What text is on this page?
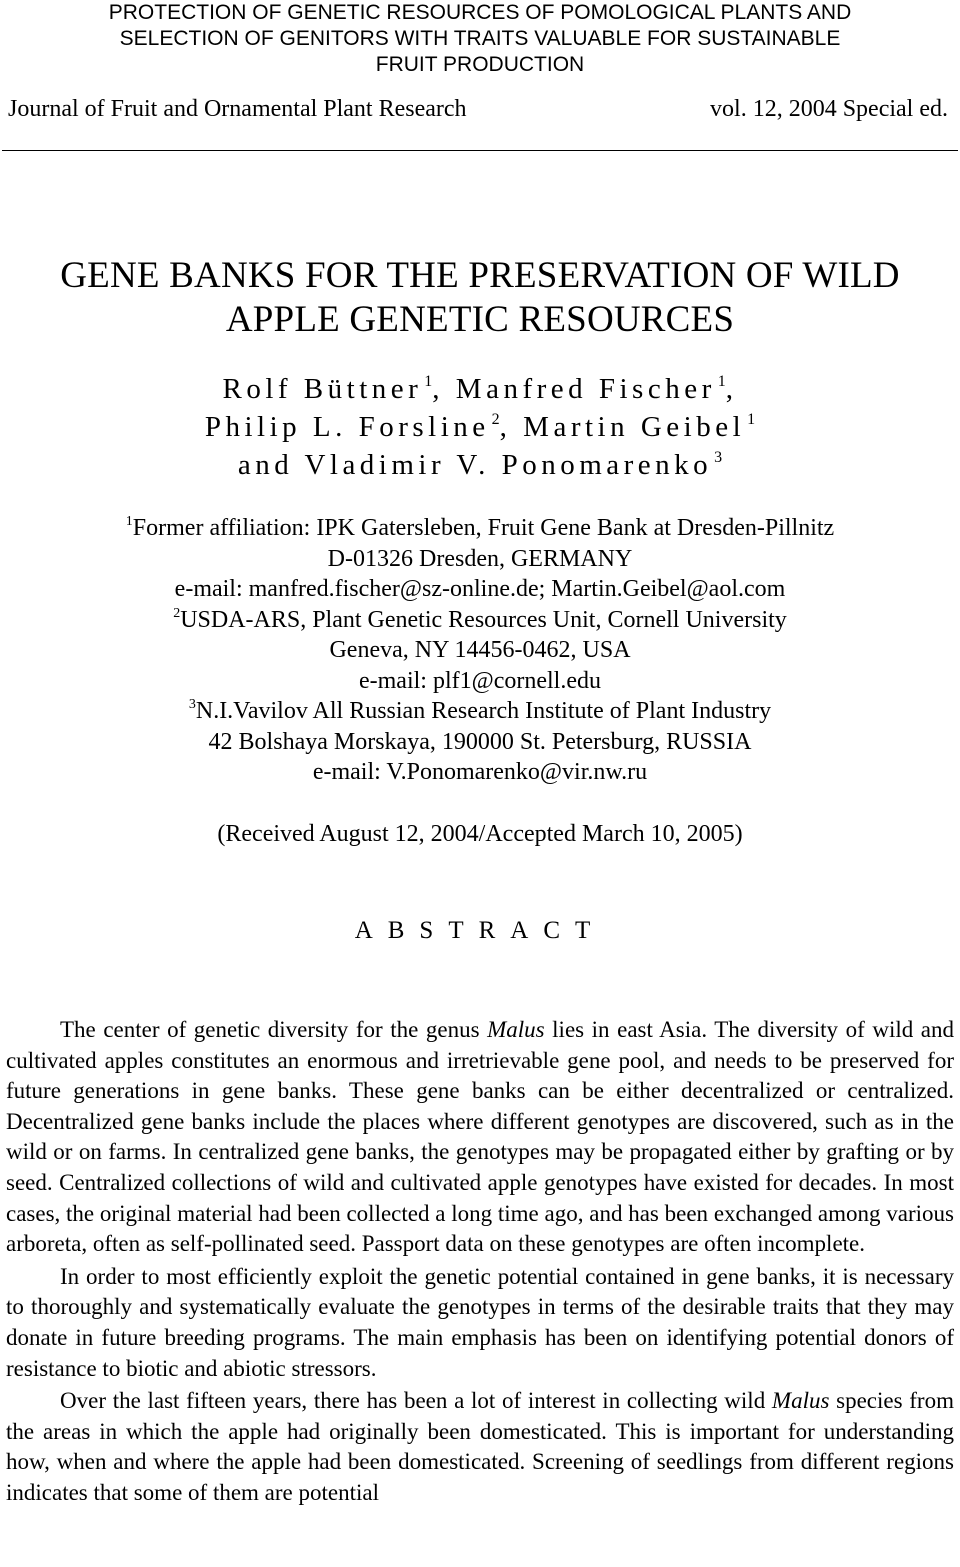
PROTECTION OF GENETIC RESOURCES OF POMOLOGICAL PLANTS AND
SELECTION OF GENITORS WITH TRAITS VALUABLE FOR SUSTAINABLE
FRUIT PRODUCTION
Journal of Fruit and Ornamental Plant Research	vol. 12, 2004 Special ed.
GENE BANKS FOR THE PRESERVATION OF WILD
APPLE GENETIC RESOURCES
Rolf Büttner $^1$, Manfred Fischer $^1$,
Philip L. Forsline $^2$, Martin Geibel $^1$
and Vladimir V. Ponomarenko $^3$
$^1$Former affiliation: IPK Gatersleben, Fruit Gene Bank at Dresden-Pillnitz
D-01326 Dresden, GERMANY
e-mail: manfred.fischer@sz-online.de; Martin.Geibel@aol.com
$^2$USDA-ARS, Plant Genetic Resources Unit, Cornell University
Geneva, NY 14456-0462, USA
e-mail: plf1@cornell.edu
$^3$N.I.Vavilov All Russian Research Institute of Plant Industry
42 Bolshaya Morskaya, 190000 St. Petersburg, RUSSIA
e-mail: V.Ponomarenko@vir.nw.ru
(Received August 12, 2004/Accepted March 10, 2005)
ABSTRACT

The center of genetic diversity for the genus Malus lies in east Asia. The diversity of wild and cultivated apples constitutes an enormous and irretrievable gene pool, and needs to be preserved for future generations in gene banks. These gene banks can be either decentralized or centralized. Decentralized gene banks include the places where different genotypes are discovered, such as in the wild or on farms. In centralized gene banks, the genotypes may be propagated either by grafting or by seed. Centralized collections of wild and cultivated apple genotypes have existed for decades. In most cases, the original material had been collected a long time ago, and has been exchanged among various arboreta, often as self-pollinated seed. Passport data on these genotypes are often incomplete.

In order to most efficiently exploit the genetic potential contained in gene banks, it is necessary to thoroughly and systematically evaluate the genotypes in terms of the desirable traits that they may donate in future breeding programs. The main emphasis has been on identifying potential donors of resistance to biotic and abiotic stressors.

Over the last fifteen years, there has been a lot of interest in collecting wild Malus species from the areas in which the apple had originally been domesticated. This is important for understanding how, when and where the apple had been domesticated. Screening of seedlings from different regions indicates that some of them are potential
